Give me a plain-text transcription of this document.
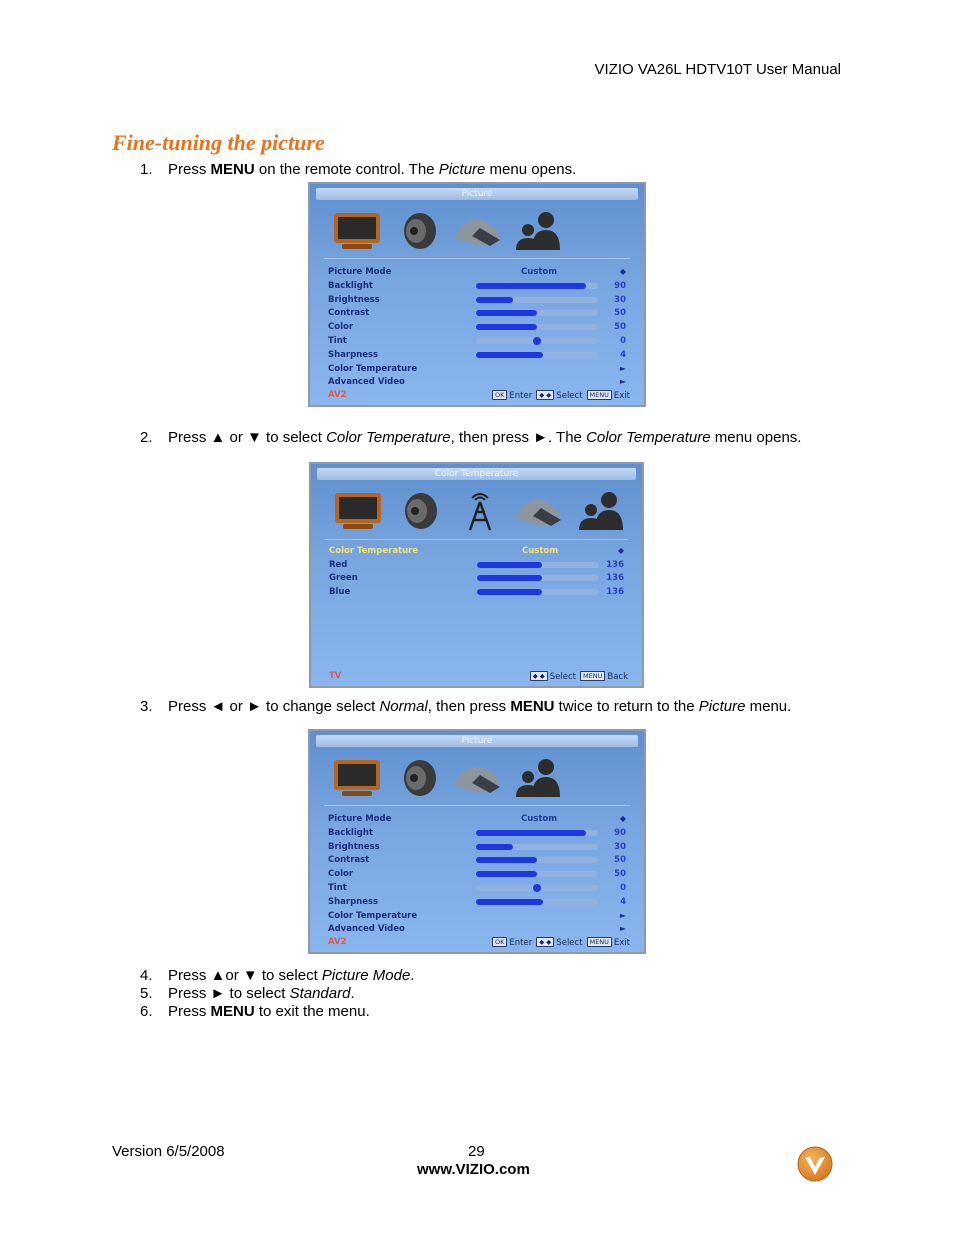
VIZIO VA26L HDTV10T User Manual
Fine-tuning the picture
1. Press MENU on the remote control. The Picture menu opens.
Picture
Picture Mode	Custom	◆
Backlight	90
Brightness	30
Contrast	50
Color	50
Tint	0
Sharpness	4
Color Temperature	►
Advanced Video	►
AV2	OK Enter ◆ ◆ Select MENU Exit
2. Press ▲ or ▼ to select Color Temperature, then press ►. The Color Temperature menu opens.
Color Temperature
Color Temperature	Custom	◆
Red	136
Green	136
Blue	136
TV	◆ ◆ Select MENU Back
3. Press ◄ or ► to change select Normal, then press MENU twice to return to the Picture menu.
Picture
Picture Mode	Custom	◆
Backlight	90
Brightness	30
Contrast	50
Color	50
Tint	0
Sharpness	4
Color Temperature	►
Advanced Video	►
AV2	OK Enter ◆ ◆ Select MENU Exit
4. Press ▲or ▼ to select Picture Mode.
5. Press ► to select Standard.
6. Press MENU to exit the menu.
Version 6/5/2008	29
www.VIZIO.com
